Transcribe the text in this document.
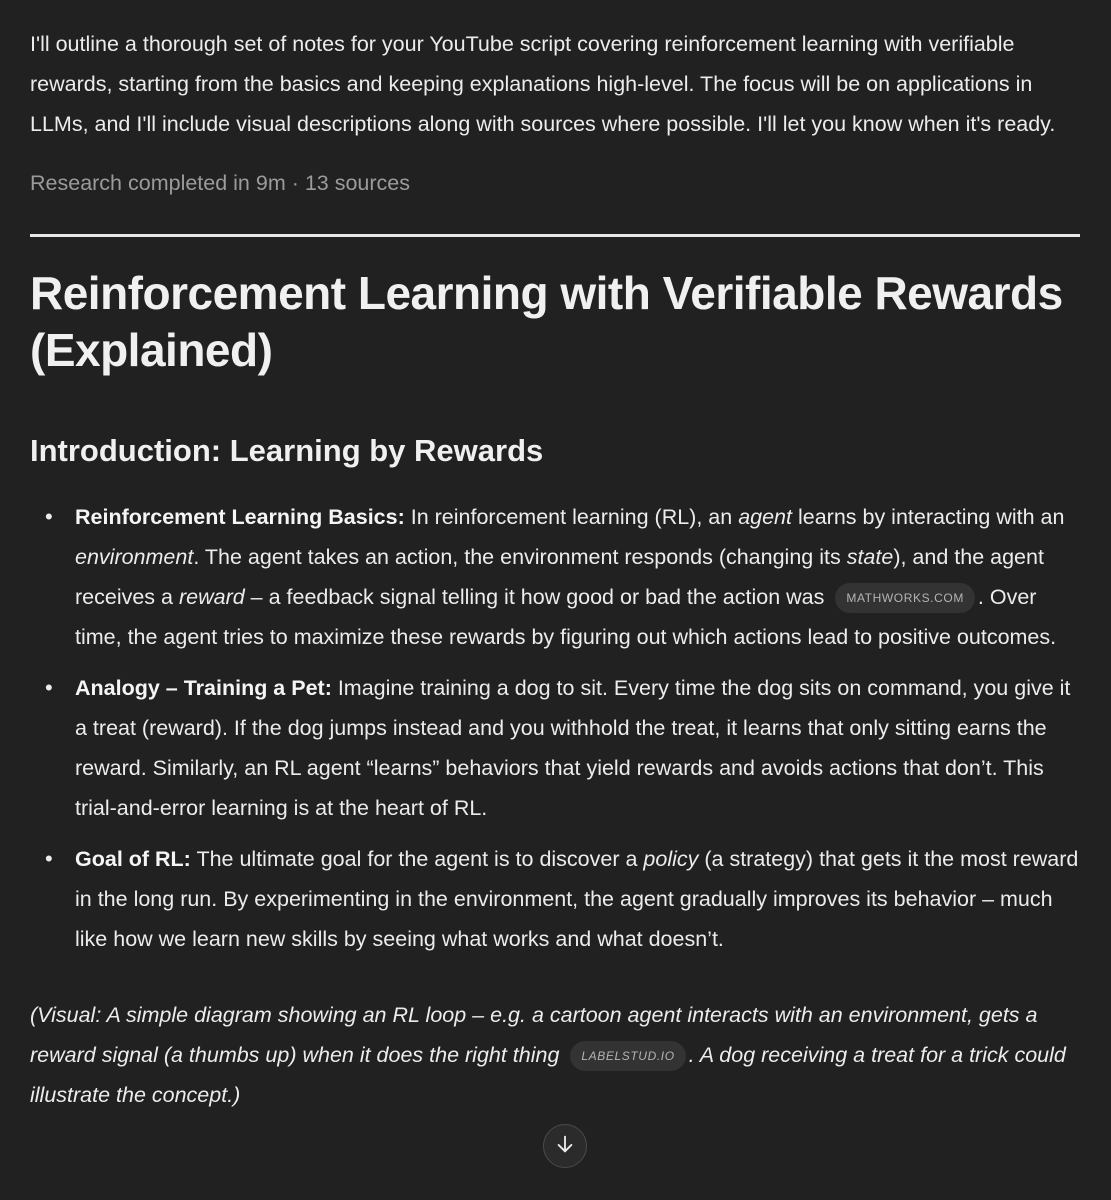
I'll outline a thorough set of notes for your YouTube script covering reinforcement learning with verifiable rewards, starting from the basics and keeping explanations high-level. The focus will be on applications in LLMs, and I'll include visual descriptions along with sources where possible. I'll let you know when it's ready.

Research completed in 9m · 13 sources
Reinforcement Learning with Verifiable Rewards (Explained)
Introduction: Learning by Rewards
• Reinforcement Learning Basics: In reinforcement learning (RL), an agent learns by interacting with an environment. The agent takes an action, the environment responds (changing its state), and the agent receives a reward – a feedback signal telling it how good or bad the action was MATHWORKS.COM . Over time, the agent tries to maximize these rewards by figuring out which actions lead to positive outcomes.
• Analogy – Training a Pet: Imagine training a dog to sit. Every time the dog sits on command, you give it a treat (reward). If the dog jumps instead and you withhold the treat, it learns that only sitting earns the reward. Similarly, an RL agent “learns” behaviors that yield rewards and avoids actions that don’t. This trial-and-error learning is at the heart of RL.
• Goal of RL: The ultimate goal for the agent is to discover a policy (a strategy) that gets it the most reward in the long run. By experimenting in the environment, the agent gradually improves its behavior – much like how we learn new skills by seeing what works and what doesn’t.
(Visual: A simple diagram showing an RL loop – e.g. a cartoon agent interacts with an environment, gets a reward signal (a thumbs up) when it does the right thing LABELSTUD.IO . A dog receiving a treat for a trick could illustrate the concept.)
